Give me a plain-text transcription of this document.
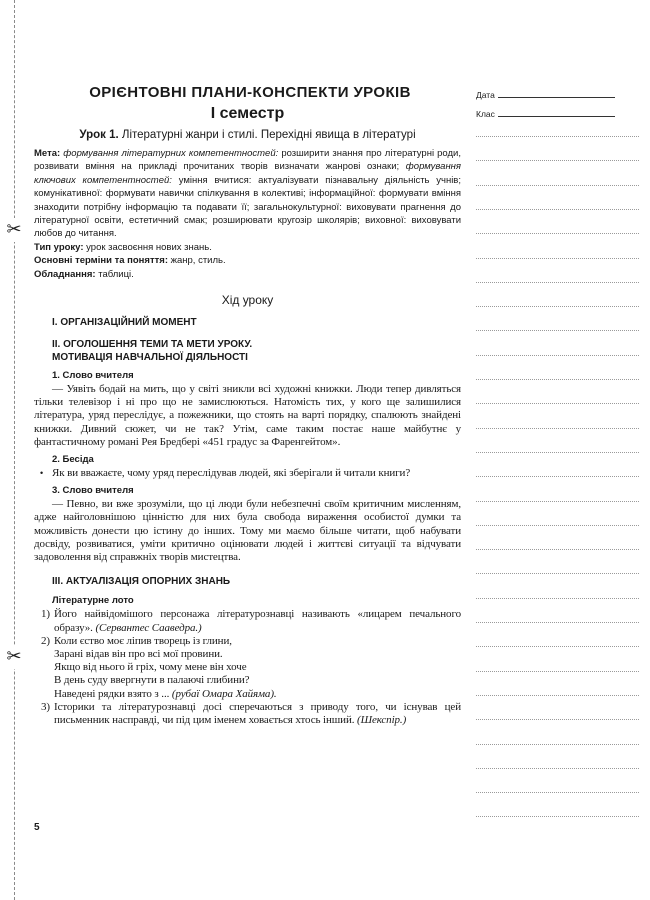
✂
✂
ОРІЄНТОВНІ ПЛАНИ-КОНСПЕКТИ УРОКІВ
І семестр
Урок 1. Літературні жанри і стилі. Перехідні явища в літературі

Мета: формування літературних компетентностей: розширити знання про літературні роди, розвивати вміння на прикладі прочитаних творів визначати жанрові ознаки; формування ключових компетентностей: уміння вчитися: актуалізувати пізнавальну діяльність учнів; комунікативної: формувати навички спілкування в колективі; інформаційної: формувати вміння знаходити потрібну інформацію та подавати її; загальнокультурної: виховувати прагнення до літературної освіти, естетичний смак; розширювати кругозір школярів; виховної: виховувати любов до читання.

Тип уроку: урок засвоєння нових знань.

Основні терміни та поняття: жанр, стиль.

Обладнання: таблиці.

Хід уроку
І. ОРГАНІЗАЦІЙНИЙ МОМЕНТ
ІІ. ОГОЛОШЕННЯ ТЕМИ ТА МЕТИ УРОКУ.
МОТИВАЦІЯ НАВЧАЛЬНОЇ ДІЯЛЬНОСТІ
1. Слово вчителя

— Уявіть бодай на мить, що у світі зникли всі художні книжки. Люди тепер дивляться тільки телевізор і ні про що не замислюються. Натомість тих, у кого ще залишилися література, уряд переслідує, а пожежники, що стоять на варті порядку, спалюють знайдені книжки. Дивний сюжет, чи не так? Утім, саме таким постає наше майбутнє у фантастичному романі Рея Бредбері «451 градус за Фаренгейтом».

2. Бесіда
• Як ви вважаєте, чому уряд переслідував людей, які зберігали й читали книги?

3. Слово вчителя

— Певно, ви вже зрозуміли, що ці люди були небезпечні своїм критичним мисленням, адже найголовнішою цінністю для них була свобода вираження особистої думки та можливість донести цю істину до інших. Тому ми маємо більше читати, щоб набувати досвіду, розвиватися, уміти критично оцінювати людей і життєві ситуації та відчувати задоволення від справжніх творів мистецтва.

ІІІ. АКТУАЛІЗАЦІЯ ОПОРНИХ ЗНАНЬ
Літературне лото
1) Його найвідомішого персонажа літературознавці називають «лицарем печального образу». (Сервантес Сааведра.)
2) Коли єство моє ліпив творець із глини,
Зарані відав він про всі мої провини.
Якщо від нього й гріх, чому мене він хоче
В день суду ввергнути в палаючі глибини?
Наведені рядки взято з ... (рубаї Омара Хайяма).
3) Історики та літературознавці досі сперечаються з приводу того, чи існував цей письменник насправді, чи під цим іменем ховається хтось інший. (Шекспір.)
5
Дата
Клас
